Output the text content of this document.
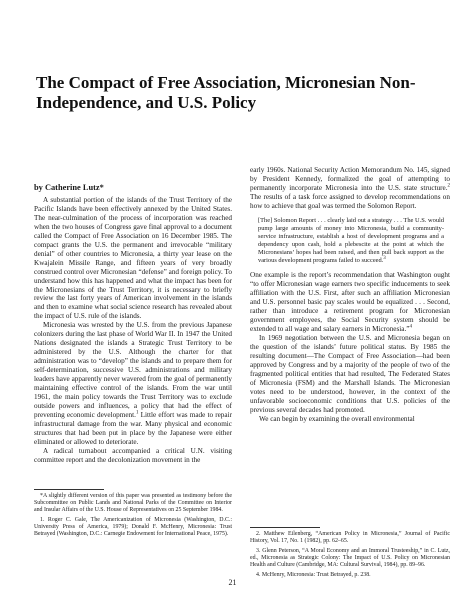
The Compact of Free Association, Micronesian Non-Independence, and U.S. Policy
by Catherine Lutz*

A substantial portion of the islands of the Trust Territory of the Pacific Islands have been effectively annexed by the United States. The near-culmination of the process of incorporation was reached when the two houses of Congress gave final approval to a document called the Compact of Free Association on 16 December 1985. The compact grants the U.S. the permanent and irrevocable “military denial” of other countries to Micronesia, a thirty year lease on the Kwajalein Missile Range, and fifteen years of very broadly construed control over Micronesian “defense” and foreign policy. To understand how this has happened and what the impact has been for the Micronesians of the Trust Territory, it is necessary to briefly review the last forty years of American involvement in the islands and then to examine what social science research has revealed about the impact of U.S. rule of the islands.

Micronesia was wrested by the U.S. from the previous Japanese colonizers during the last phase of World War II. In 1947 the United Nations designated the islands a Strategic Trust Territory to be administered by the U.S. Although the charter for that administration was to “develop” the islands and to prepare them for self-determination, successive U.S. administrations and military leaders have apparently never wavered from the goal of permanently maintaining effective control of the islands. From the war until 1961, the main policy towards the Trust Territory was to exclude outside powers and influences, a policy that had the effect of preventing economic development.$^1$ Little effort was made to repair infrastructural damage from the war. Many physical and economic structures that had been put in place by the Japanese were either eliminated or allowed to deteriorate.

A radical turnabout accompanied a critical U.N. visiting committee report and the decolonization movement in the

early 1960s. National Security Action Memorandum No. 145, signed by President Kennedy, formalized the goal of attempting to permanently incorporate Micronesia into the U.S. state structure.$^2$ The results of a task force assigned to develop recommendations on how to achieve that goal was termed the Solomon Report.

[The] Solomon Report . . . clearly laid out a strategy . . . The U.S. would pump large amounts of money into Micronesia, build a community-service infrastructure, establish a host of development programs and a dependency upon cash, hold a plebescite at the point at which the Micronesians’ hopes had been raised, and then pull back support as the various development programs failed to succeed.$^3$

One example is the report’s recommendation that Washington ought “to offer Micronesian wage earners two specific inducements to seek affiliation with the U.S. First, after such an affiliation Micronesian and U.S. personnel basic pay scales would be equalized . . . Second, rather than introduce a retirement program for Micronesian government employees, the Social Security system should be extended to all wage and salary earners in Micronesia.”$^4$

In 1969 negotiation between the U.S. and Micronesia began on the question of the islands’ future political status. By 1985 the resulting document—The Compact of Free Association—had been approved by Congress and by a majority of the people of two of the fragmented political entities that had resulted, The Federated States of Micronesia (FSM) and the Marshall Islands. The Micronesian votes need to be understood, however, in the context of the unfavorable socioeconomic conditions that U.S. policies of the previous several decades had promoted.

We can begin by examining the overall environmental

*A slightly different version of this paper was presented as testimony before the Subcommittee on Public Lands and National Parks of the Committee on Interior and Insular Affairs of the U.S. House of Representatives on 25 September 1984.

1. Roger C. Gale, The Americanization of Micronesia (Washington, D.C.: University Press of America, 1979); Donald F. McHenry, Micronesia: Trust Betrayed (Washington, D.C.: Carnegie Endowment for International Peace, 1975).	2. Matthew Eilenberg, “American Policy in Micronesia,” Journal of Pacific History, Vol. 17, No. 1 (1982), pp. 62–65.

3. Glenn Peterson, “A Moral Economy and an Immoral Trusteeship,” in C. Lutz, ed., Micronesia as Strategic Colony: The Impact of U.S. Policy on Micronesian Health and Culture (Cambridge, MA: Cultural Survival, 1984), pp. 89–96.

4. McHenry, Micronesia: Trust Betrayed, p. 238.

21
